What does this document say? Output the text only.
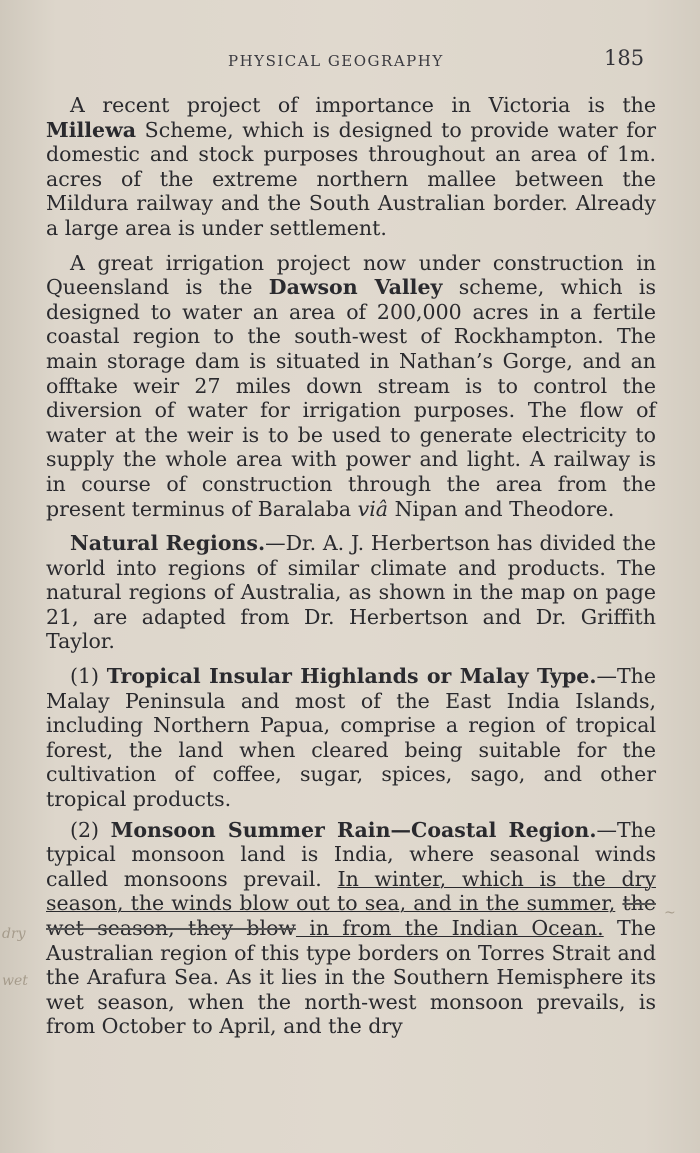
PHYSICAL GEOGRAPHY	185

A recent project of importance in Victoria is the Millewa Scheme, which is designed to provide water for domestic and stock purposes throughout an area of 1m. acres of the extreme northern mallee between the Mildura railway and the South Australian border. Already a large area is under settlement.

A great irrigation project now under construction in Queensland is the Dawson Valley scheme, which is designed to water an area of 200,000 acres in a fertile coastal region to the south-west of Rockhampton. The main storage dam is situated in Nathan’s Gorge, and an offtake weir 27 miles down stream is to control the diversion of water for irrigation purposes. The flow of water at the weir is to be used to generate electricity to supply the whole area with power and light. A railway is in course of construction through the area from the present terminus of Baralaba viâ Nipan and Theodore.

Natural Regions.—Dr. A. J. Herbertson has divided the world into regions of similar climate and products. The natural regions of Australia, as shown in the map on page 21, are adapted from Dr. Herbertson and Dr. Griffith Taylor.

(1) Tropical Insular Highlands or Malay Type.—The Malay Peninsula and most of the East India Islands, including Northern Papua, comprise a region of tropical forest, the land when cleared being suitable for the cultivation of coffee, sugar, spices, sago, and other tropical products.

(2) Monsoon Summer Rain—Coastal Region.—The typical monsoon land is India, where seasonal winds called monsoons prevail. In winter, which is the dry season, the winds blow out to sea, and in the summer, the wet season, they blow in from the Indian Ocean. The Australian region of this type borders on Torres Strait and the Arafura Sea. As it lies in the Southern Hemisphere its wet season, when the north-west monsoon prevails, is from October to April, and the dry

dry
wet
~
